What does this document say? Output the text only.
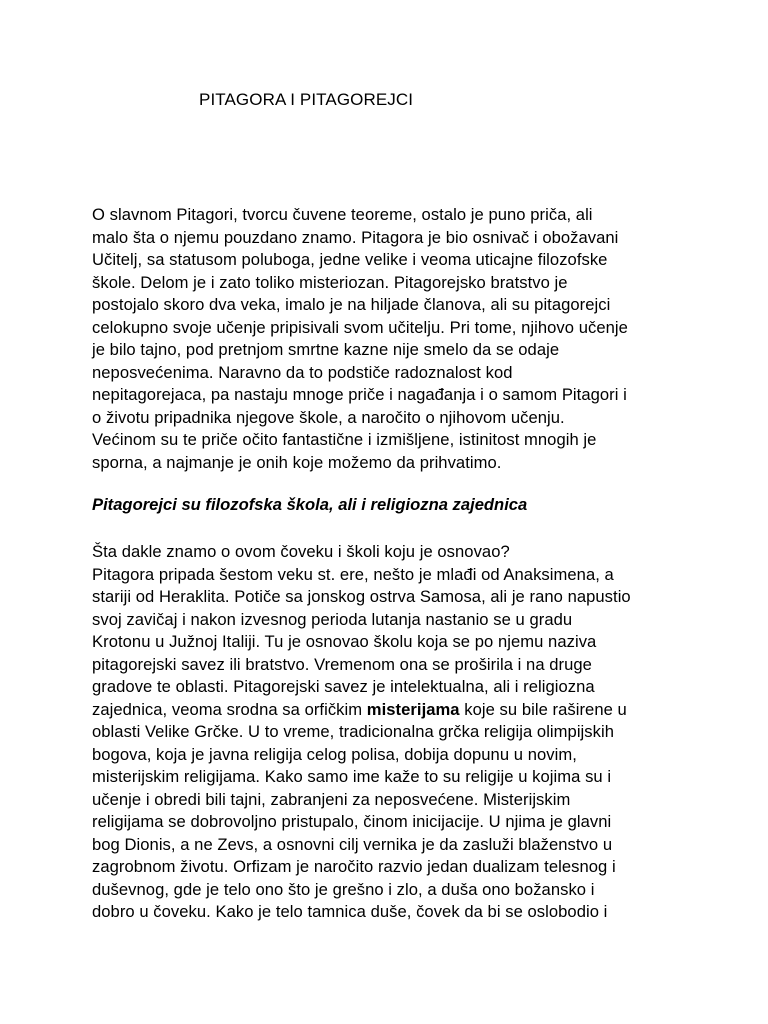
PITAGORA I PITAGOREJCI
O slavnom Pitagori, tvorcu čuvene teoreme, ostalo je puno priča, ali
malo šta o njemu pouzdano znamo. Pitagora je bio osnivač i obožavani
Učitelj, sa statusom poluboga, jedne velike i veoma uticajne filozofske
škole. Delom je i zato toliko misteriozan. Pitagorejsko bratstvo je
postojalo skoro dva veka, imalo je na hiljade članova, ali su pitagorejci
celokupno svoje učenje pripisivali svom učitelju. Pri tome, njihovo učenje
je bilo tajno, pod pretnjom smrtne kazne nije smelo da se odaje
neposvećenima. Naravno da to podstiče radoznalost kod
nepitagorejaca, pa nastaju mnoge priče i nagađanja i o samom Pitagori i
o životu pripadnika njegove škole, a naročito o njihovom učenju.
Većinom su te priče očito fantastične i izmišljene, istinitost mnogih je
sporna, a najmanje je onih koje možemo da prihvatimo.
Pitagorejci su filozofska škola, ali i religiozna zajednica
Šta dakle znamo o ovom čoveku i školi koju je osnovao?
Pitagora pripada šestom veku st. ere, nešto je mlađi od Anaksimena, a
stariji od Heraklita. Potiče sa jonskog ostrva Samosa, ali je rano napustio
svoj zavičaj i nakon izvesnog perioda lutanja nastanio se u gradu
Krotonu u Južnoj Italiji. Tu je osnovao školu koja se po njemu naziva
pitagorejski savez ili bratstvo. Vremenom ona se proširila i na druge
gradove te oblasti. Pitagorejski savez je intelektualna, ali i religiozna
zajednica, veoma srodna sa orfičkim misterijama koje su bile raširene u
oblasti Velike Grčke. U to vreme, tradicionalna grčka religija olimpijskih
bogova, koja je javna religija celog polisa, dobija dopunu u novim,
misterijskim religijama. Kako samo ime kaže to su religije u kojima su i
učenje i obredi bili tajni, zabranjeni za neposvećene. Misterijskim
religijama se dobrovoljno pristupalo, činom inicijacije. U njima je glavni
bog Dionis, a ne Zevs, a osnovni cilj vernika je da zasluži blaženstvo u
zagrobnom životu. Orfizam je naročito razvio jedan dualizam telesnog i
duševnog, gde je telo ono što je grešno i zlo, a duša ono božansko i
dobro u čoveku. Kako je telo tamnica duše, čovek da bi se oslobodio i
